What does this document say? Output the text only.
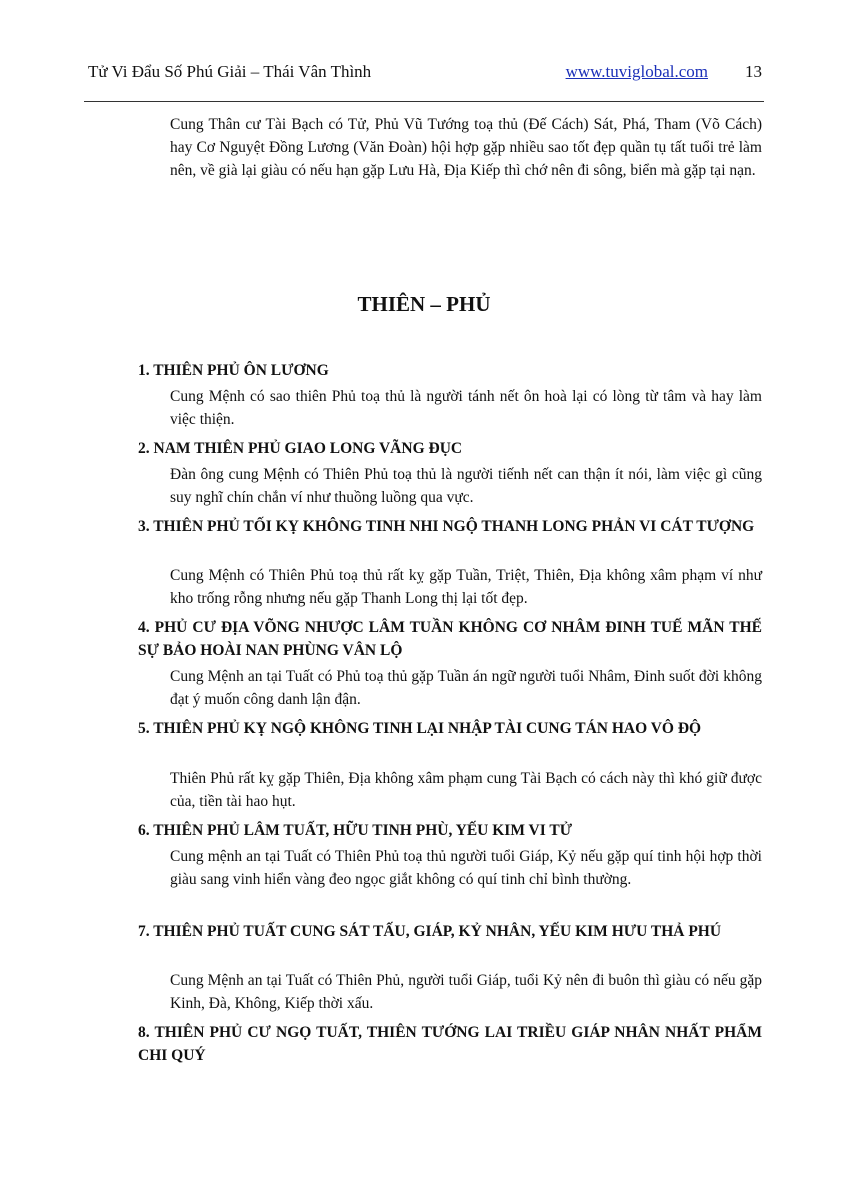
Tử Vi Đẩu Số Phú Giải – Thái Vân Thình	www.tuviglobal.com 13
Cung Thân cư Tài Bạch có Tử, Phủ Vũ Tướng toạ thủ (Đế Cách) Sát, Phá, Tham (Võ Cách) hay Cơ Nguyệt Đồng Lương (Văn Đoàn) hội hợp gặp nhiều sao tốt đẹp quần tụ tất tuổi trẻ làm nên, về già lại giàu có nếu hạn gặp Lưu Hà, Địa Kiếp thì chớ nên đi sông, biển mà gặp tại nạn.
THIÊN – PHỦ
1. THIÊN PHỦ ÔN LƯƠNG
Cung Mệnh có sao thiên Phủ toạ thủ là người tánh nết ôn hoà lại có lòng từ tâm và hay làm việc thiện.
2. NAM THIÊN PHỦ GIAO LONG VÃNG ĐỤC
Đàn ông cung Mệnh có Thiên Phủ toạ thủ là người tiếnh nết can thận ít nói, làm việc gì cũng suy nghĩ chín chắn ví như thuồng luồng qua vực.
3. THIÊN PHỦ TỐI KỴ KHÔNG TINH NHI NGỘ THANH LONG PHẢN VI CÁT TƯỢNG
Cung Mệnh có Thiên Phủ toạ thủ rất kỵ gặp Tuần, Triệt, Thiên, Địa không xâm phạm ví như kho trống rỗng nhưng nếu gặp Thanh Long thị lại tốt đẹp.
4. PHỦ CƯ ĐỊA VÕNG NHƯỢC LÂM TUẦN KHÔNG CƠ NHÂM ĐINH TUẾ MÃN THẾ SỰ BẢO HOÀI NAN PHÙNG VÂN LỘ
Cung Mệnh an tại Tuất có Phủ toạ thủ gặp Tuần án ngữ người tuổi Nhâm, Đinh suốt đời không đạt ý muốn công danh lận đận.
5. THIÊN PHỦ KỴ NGỘ KHÔNG TINH LẠI NHẬP TÀI CUNG TÁN HAO VÔ ĐỘ
Thiên Phủ rất kỵ gặp Thiên, Địa không xâm phạm cung Tài Bạch có cách này thì khó giữ được của, tiền tài hao hụt.
6. THIÊN PHỦ LÂM TUẤT, HỮU TINH PHÙ, YẾU KIM VI TỬ
Cung mệnh an tại Tuất có Thiên Phủ toạ thủ người tuổi Giáp, Kỷ nếu gặp quí tinh hội hợp thời giàu sang vinh hiển vàng đeo ngọc giắt không có quí tinh chỉ bình thường.
7. THIÊN PHỦ TUẤT CUNG SÁT TẤU, GIÁP, KỶ NHÂN, YẾU KIM HƯU THẢ PHÚ
Cung Mệnh an tại Tuất có Thiên Phủ, người tuổi Giáp, tuổi Kỷ nên đi buôn thì giàu có nếu gặp Kinh, Đà, Không, Kiếp thời xấu.
8. THIÊN PHỦ CƯ NGỌ TUẤT, THIÊN TƯỚNG LAI TRIỀU GIÁP NHÂN NHẤT PHẨM CHI QUÝ
